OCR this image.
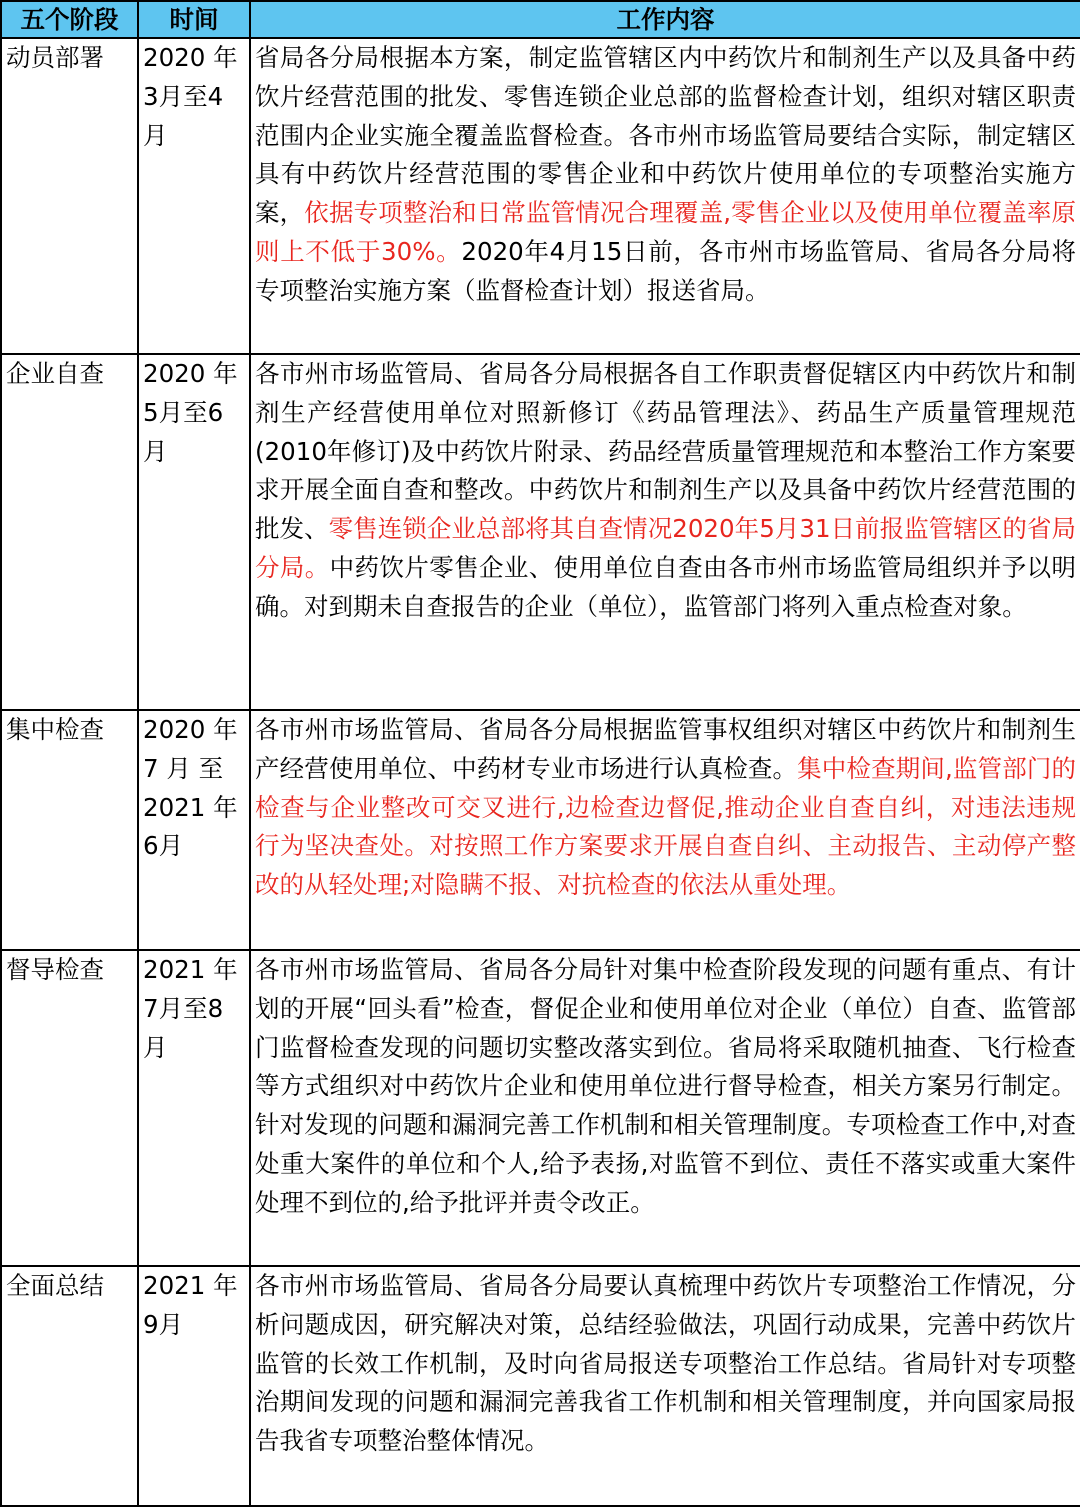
五个阶段	时间	工作内容
动员部署	2020 年3月至4月	省局各分局根据本方案，制定监管辖区内中药饮片和制剂生产以及具备中药饮片经营范围的批发、零售连锁企业总部的监督检查计划，组织对辖区职责范围内企业实施全覆盖监督检查。各市州市场监管局要结合实际，制定辖区具有中药饮片经营范围的零售企业和中药饮片使用单位的专项整治实施方案，依据专项整治和日常监管情况合理覆盖,零售企业以及使用单位覆盖率原则上不低于30%。2020年4月15日前，各市州市场监管局、省局各分局将专项整治实施方案（监督检查计划）报送省局。
企业自查	2020 年5月至6月	各市州市场监管局、省局各分局根据各自工作职责督促辖区内中药饮片和制剂生产经营使用单位对照新修订《药品管理法》、药品生产质量管理规范(2010年修订)及中药饮片附录、药品经营质量管理规范和本整治工作方案要求开展全面自查和整改。中药饮片和制剂生产以及具备中药饮片经营范围的批发、零售连锁企业总部将其自查情况2020年5月31日前报监管辖区的省局分局。中药饮片零售企业、使用单位自查由各市州市场监管局组织并予以明确。对到期未自查报告的企业（单位），监管部门将列入重点检查对象。
集中检查	2020 年7 月 至2021 年6月	各市州市场监管局、省局各分局根据监管事权组织对辖区中药饮片和制剂生产经营使用单位、中药材专业市场进行认真检查。集中检查期间,监管部门的检查与企业整改可交叉进行,边检查边督促,推动企业自查自纠，对违法违规行为坚决查处。对按照工作方案要求开展自查自纠、主动报告、主动停产整改的从轻处理;对隐瞒不报、对抗检查的依法从重处理。
督导检查	2021 年7月至8月	各市州市场监管局、省局各分局针对集中检查阶段发现的问题有重点、有计划的开展“回头看”检查，督促企业和使用单位对企业（单位）自查、监管部门监督检查发现的问题切实整改落实到位。省局将采取随机抽查、飞行检查等方式组织对中药饮片企业和使用单位进行督导检查，相关方案另行制定。针对发现的问题和漏洞完善工作机制和相关管理制度。专项检查工作中,对查处重大案件的单位和个人,给予表扬,对监管不到位、责任不落实或重大案件处理不到位的,给予批评并责令改正。
全面总结	2021 年9月	各市州市场监管局、省局各分局要认真梳理中药饮片专项整治工作情况，分析问题成因，研究解决对策，总结经验做法，巩固行动成果，完善中药饮片监管的长效工作机制，及时向省局报送专项整治工作总结。省局针对专项整治期间发现的问题和漏洞完善我省工作机制和相关管理制度，并向国家局报告我省专项整治整体情况。
